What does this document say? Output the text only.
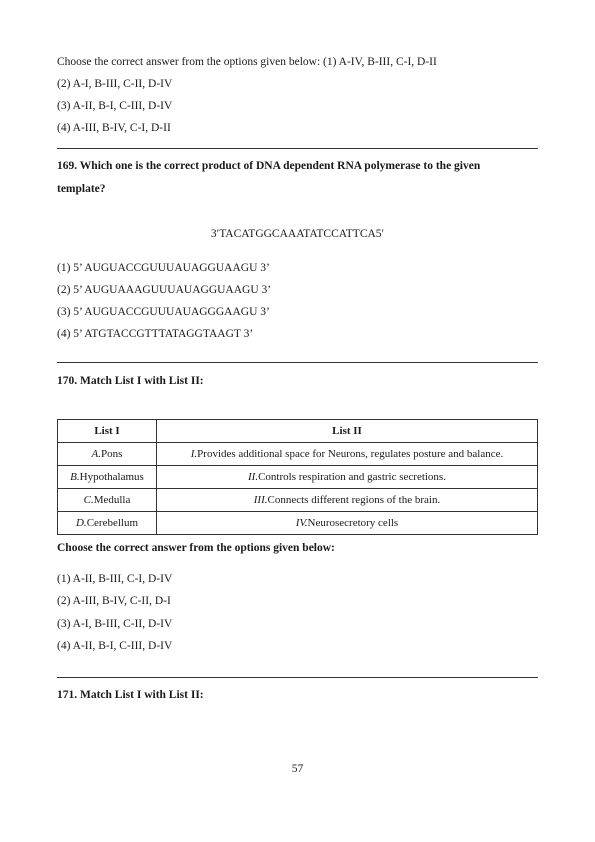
Choose the correct answer from the options given below: (1) A-IV, B-III, C-I, D-II
(2) A-I, B-III, C-II, D-IV
(3) A-II, B-I, C-III, D-IV
(4) A-III, B-IV, C-I, D-II
169. Which one is the correct product of DNA dependent RNA polymerase to the given
template?
3′TACATGGCAAATATCCATTCA5′
(1) 5’ AUGUACCGUUUAUAGGUAAGU 3’
(2) 5’ AUGUAAAGUUUAUAGGUAAGU 3’
(3) 5’ AUGUACCGUUUAUAGGGAAGU 3’
(4) 5’ ATGTACCGTTTATAGGTAAGT 3’
170. Match List I with List II:
List I	List II
A.Pons	I.Provides additional space for Neurons, regulates posture and balance.
B.Hypothalamus	II.Controls respiration and gastric secretions.
C.Medulla	III.Connects different regions of the brain.
D.Cerebellum	IV.Neurosecretory cells
Choose the correct answer from the options given below:
(1) A-II, B-III, C-I, D-IV
(2) A-III, B-IV, C-II, D-I
(3) A-I, B-III, C-II, D-IV
(4) A-II, B-I, C-III, D-IV
171. Match List I with List II:
57
